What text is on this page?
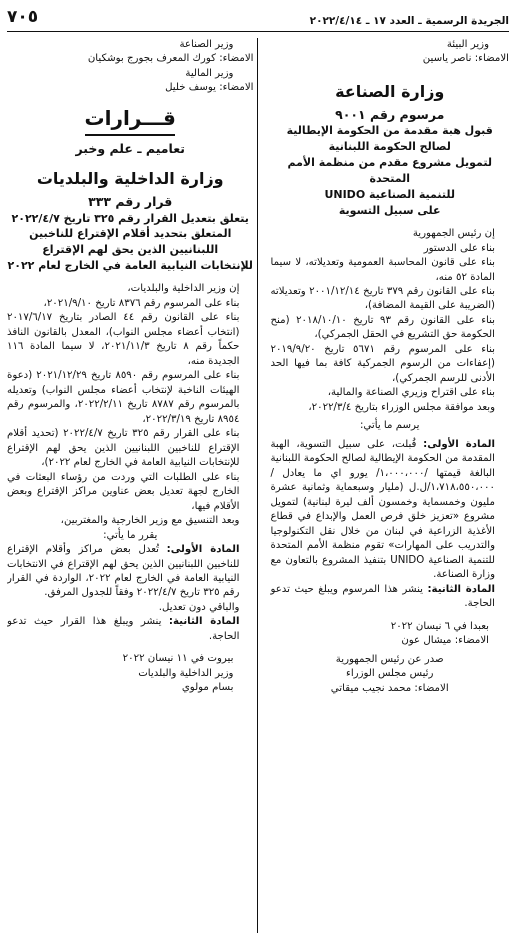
الجريدة الرسمية ـ العدد ١٧ ـ ٢٠٢٢/٤/١٤
٧٠٥
وزير البيئة
الامضاء: ناصر ياسين
وزارة الصناعة
مرسوم رقم ٩٠٠١
قبول هبة مقدمة من الحكومة الإيطالية
لصالح الحكومة اللبنانية
لتمويل مشروع مقدم من منظمة الأمم المتحدة
للتنمية الصناعية UNIDO
على سبيل التسوية

إن رئيس الجمهورية

بناء على الدستور

بناء على قانون المحاسبة العمومية وتعديلاته، لا سيما المادة ٥٢ منه،

بناء على القانون رقم ٣٧٩ تاريخ ٢٠٠١/١٢/١٤ وتعديلاته (الضريبة على القيمة المضافة)،

بناء على القانون رقم ٩٣ تاريخ ٢٠١٨/١٠/١٠ (منح الحكومة حق التشريع في الحقل الجمركي)،

بناء على المرسوم رقم ٥٦٧١ تاريخ ٢٠١٩/٩/٢٠ (إعفاءات من الرسوم الجمركية كافة بما فيها الحد الأدنى للرسم الجمركي)،

بناء على اقتراح وزيري الصناعة والمالية،

وبعد موافقة مجلس الوزراء بتاريخ ٢٠٢٢/٣/٤،

يرسم ما يأتي:

المادة الأولى: قُبلت، على سبيل التسوية، الهبة المقدمة من الحكومة الإيطالية لصالح الحكومة اللبنانية البالغة قيمتها /١،٠٠٠،٠٠٠/ يورو اي ما يعادل /١،٧١٨،٥٥٠،٠٠٠/ل.ل (مليار وسبعماية وثمانية عشرة مليون وخمسماية وخمسون ألف ليرة لبنانية) لتمويل مشروع «تعزيز خلق فرص العمل والإبداع في قطاع الأغذية الزراعية في لبنان من خلال نقل التكنولوجيا والتدريب على المهارات» تقوم منظمة الأمم المتحدة للتنمية الصناعية UNIDO بتنفيذ المشروع بالتعاون مع وزارة الصناعة.

المادة الثانية: ينشر هذا المرسوم ويبلغ حيث تدعو الحاجة.

بعبدا في ٦ نيسان ٢٠٢٢
الامضاء: ميشال عون
صدر عن رئيس الجمهورية
رئيس مجلس الوزراء
الامضاء: محمد نجيب ميقاتي
وزير الصناعة
الامضاء: كورك المعرف بجورج بوشكيان
وزير المالية
الامضاء: يوسف خليل
قـــرارات
تعاميم ـ علم وخبر
وزارة الداخلية والبلديات
قرار رقم ٣٣٣
يتعلق بتعديل القرار رقم ٣٢٥ تاريخ ٢٠٢٢/٤/٧
المتعلق بتحديد أقلام الإقتراع للناخبين
اللبنانيين الذين يحق لهم الإقتراع
للإنتخابات النيابية العامة في الخارج لعام ٢٠٢٢

إن وزير الداخلية والبلديات،

بناء على المرسوم رقم ٨٣٧٦ تاريخ ٢٠٢١/٩/١٠،

بناء على القانون رقم ٤٤ الصادر بتاريخ ٢٠١٧/٦/١٧ (انتخاب أعضاء مجلس النواب)، المعدل بالقانون النافذ حكماً رقم ٨ تاريخ ٢٠٢١/١١/٣، لا سيما المادة ١١٦ الجديدة منه،

بناء على المرسوم رقم ٨٥٩٠ تاريخ ٢٠٢١/١٢/٢٩ (دعوة الهيئات الناخبة لإنتخاب أعضاء مجلس النواب) وتعديله بالمرسوم رقم ٨٧٨٧ تاريخ ٢٠٢٢/٢/١١، والمرسوم رقم ٨٩٥٤ تاريخ ٢٠٢٢/٣/١٩،

بناء على القرار رقم ٣٢٥ تاريخ ٢٠٢٢/٤/٧ (تحديد أقلام الإقتراع للناخبين اللبنانيين الذين يحق لهم الإقتراع للإنتخابات النيابية العامة في الخارج لعام ٢٠٢٢)،

بناء على الطلبات التي وردت من رؤساء البعثات في الخارج لجهة تعديل بعض عناوين مراكز الإقتراع وبعض الأقلام فيها،

وبعد التنسيق مع وزير الخارجية والمغتربين،

يقرر ما يأتي:

المادة الأولى: تُعدل بعض مراكز وأقلام الإقتراع للناخبين اللبنانيين الذين يحق لهم الإقتراع في الانتخابات النيابية العامة في الخارج لعام ٢٠٢٢، الواردة في القرار رقم ٣٢٥ تاريخ ٢٠٢٢/٤/٧ وفقاً للجدول المرفق.

والباقي دون تعديل.

المادة الثانية: ينشر ويبلغ هذا القرار حيث تدعو الحاجة.

بيروت في ١١ نيسان ٢٠٢٢
وزير الداخلية والبلديات
بسام مولوي
